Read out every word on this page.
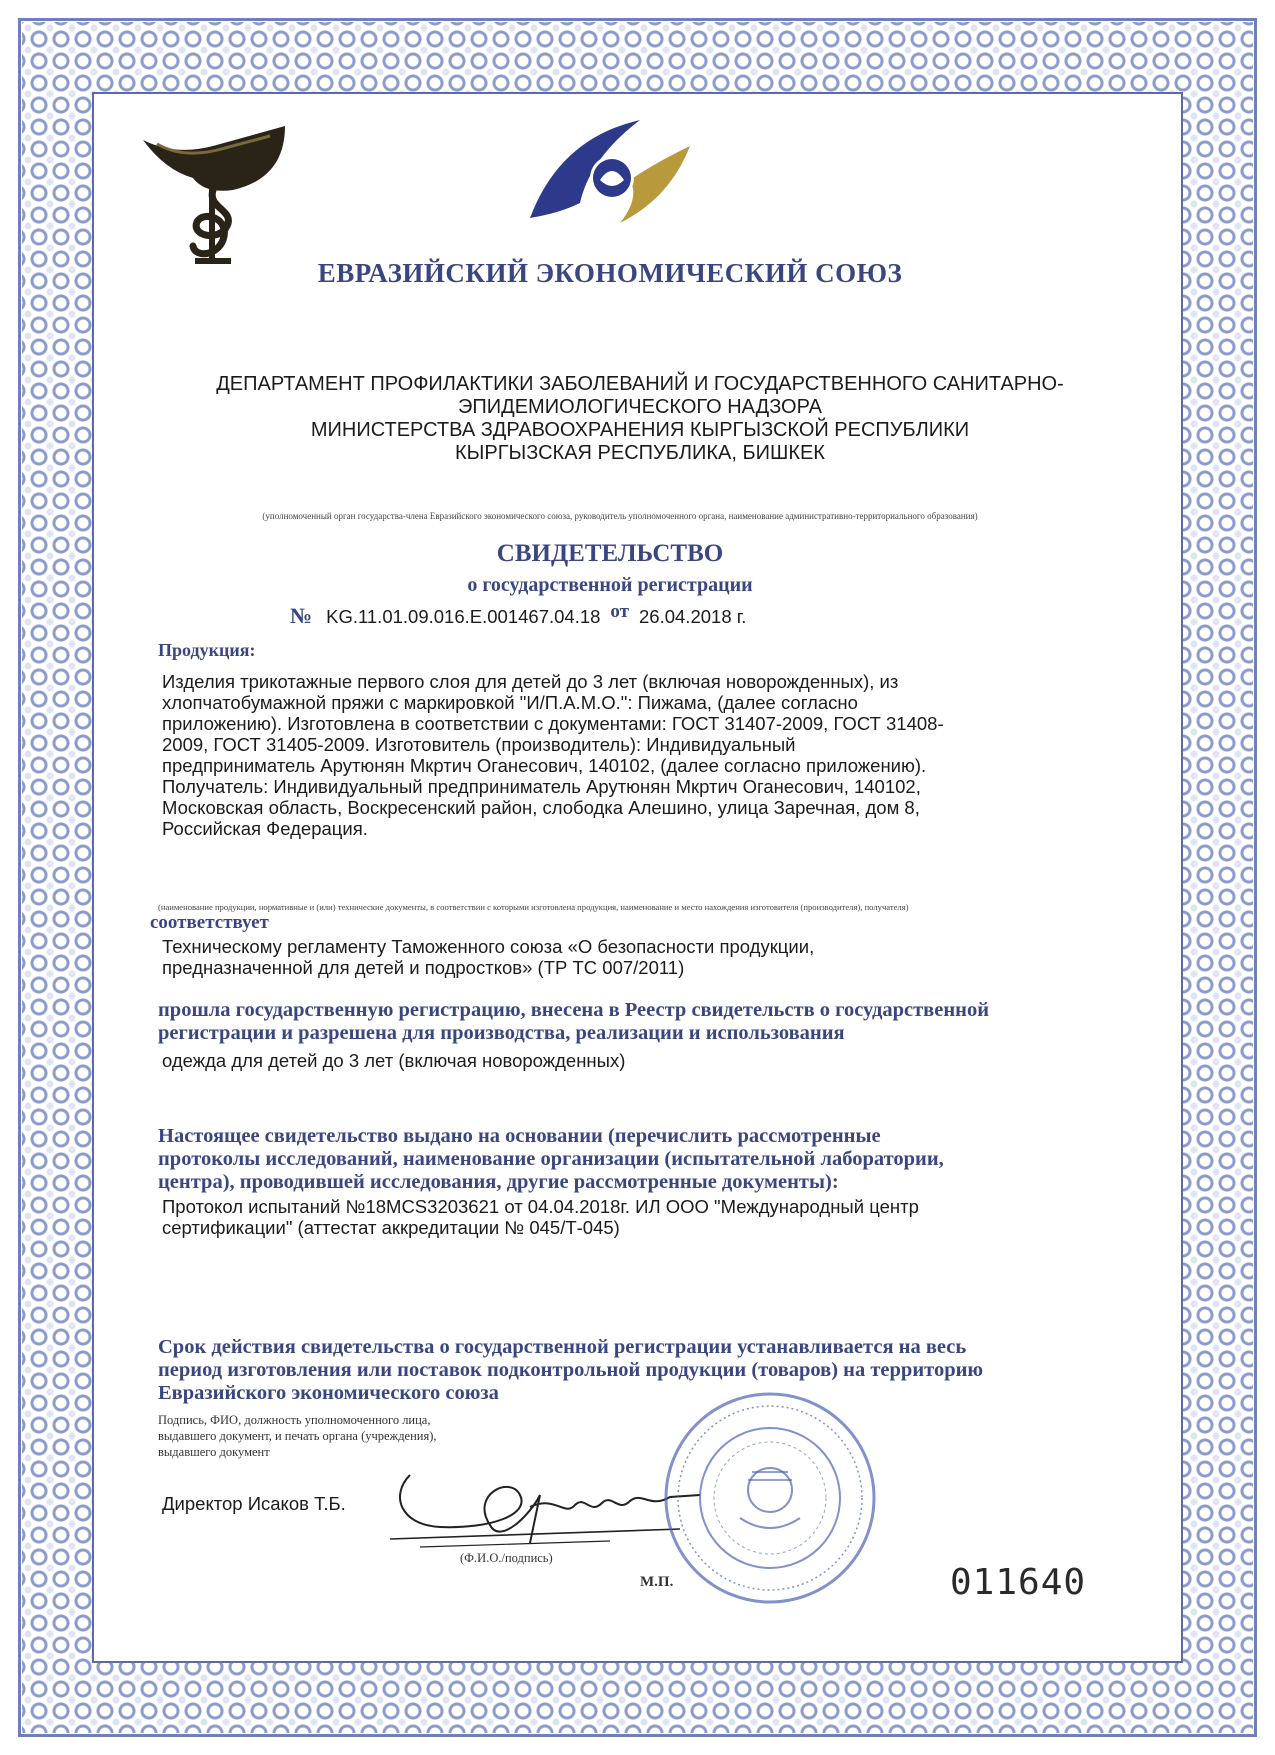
ЕВРАЗИЙСКИЙ ЭКОНОМИЧЕСКИЙ СОЮЗ
ДЕПАРТАМЕНТ ПРОФИЛАКТИКИ ЗАБОЛЕВАНИЙ И ГОСУДАРСТВЕННОГО САНИТАРНО-
ЭПИДЕМИОЛОГИЧЕСКОГО НАДЗОРА
МИНИСТЕРСТВА ЗДРАВООХРАНЕНИЯ КЫРГЫЗСКОЙ РЕСПУБЛИКИ
КЫРГЫЗСКАЯ РЕСПУБЛИКА, БИШКЕК
(уполномоченный орган государства-члена Евразийского экономического союза, руководитель уполномоченного органа, наименование административно-территориального образования)
СВИДЕТЕЛЬСТВО
о государственной регистрации
№ KG.11.01.09.016.E.001467.04.18 от 26.04.2018 г.
Продукция:
Изделия трикотажные первого слоя для детей до 3 лет (включая новорожденных), из
хлопчатобумажной пряжи с маркировкой "И/П.А.М.О.": Пижама, (далее согласно
приложению). Изготовлена в соответствии с документами: ГОСТ 31407-2009, ГОСТ 31408-
2009, ГОСТ 31405-2009. Изготовитель (производитель): Индивидуальный
предприниматель Арутюнян Мкртич Оганесович, 140102, (далее согласно приложению).
Получатель: Индивидуальный предприниматель Арутюнян Мкртич Оганесович, 140102,
Московская область, Воскресенский район, слободка Алешино, улица Заречная, дом 8,
Российская Федерация.
(наименование продукции, нормативные и (или) технические документы, в соответствии с которыми изготовлена продукция, наименование и место нахождения изготовителя (производителя), получателя)
соответствует
Техническому регламенту Таможенного союза «О безопасности продукции,
предназначенной для детей и подростков» (ТР ТС 007/2011)
прошла государственную регистрацию, внесена в Реестр свидетельств о государственной
регистрации и разрешена для производства, реализации и использования
одежда для детей до 3 лет (включая новорожденных)
Настоящее свидетельство выдано на основании (перечислить рассмотренные
протоколы исследований, наименование организации (испытательной лаборатории,
центра), проводившей исследования, другие рассмотренные документы):
Протокол испытаний №18MCS3203621 от 04.04.2018г. ИЛ ООО "Международный центр
сертификации" (аттестат аккредитации № 045/Т-045)
Срок действия свидетельства о государственной регистрации устанавливается на весь
период изготовления или поставок подконтрольной продукции (товаров) на территорию
Евразийского экономического союза
Подпись, ФИО, должность уполномоченного лица,
выдавшего документ, и печать органа (учреждения),
выдавшего документ
Директор Исаков Т.Б.
(Ф.И.О./подпись)
М.П.	011640
